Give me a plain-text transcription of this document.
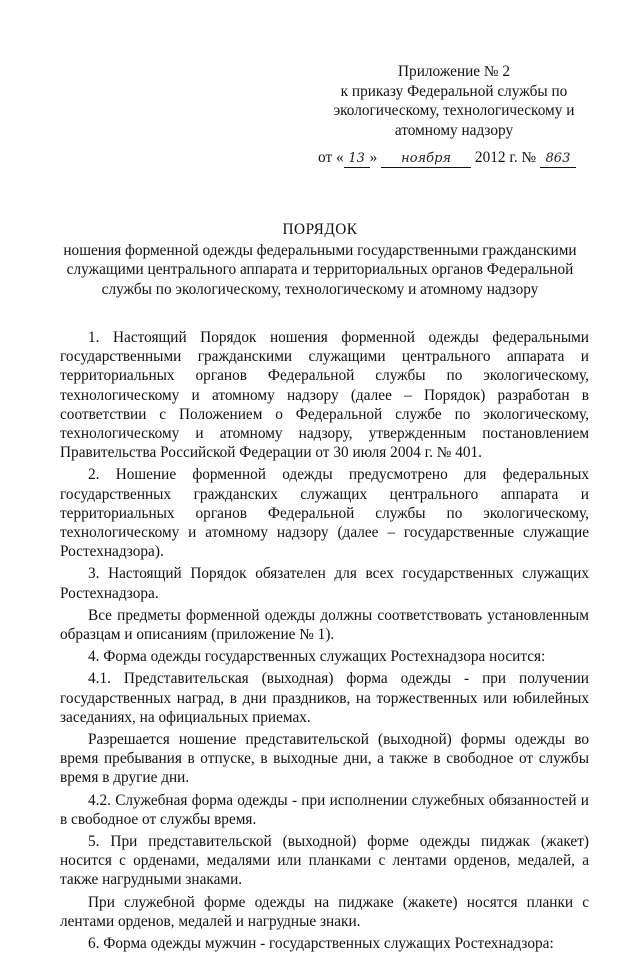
Приложение № 2
к приказу Федеральной службы по
экологическому, технологическому и
атомному надзору
от « 13 » ноября 2012 г. № 863
ПОРЯДОК
ношения форменной одежды федеральными государственными гражданскими
служащими центрального аппарата и территориальных органов Федеральной
службы по экологическому, технологическому и атомному надзору

1. Настоящий Порядок ношения форменной одежды федеральными государственными гражданскими служащими центрального аппарата и территориальных органов Федеральной службы по экологическому, технологическому и атомному надзору (далее – Порядок) разработан в соответствии с Положением о Федеральной службе по экологическому, технологическому и атомному надзору, утвержденным постановлением Правительства Российской Федерации от 30 июля 2004 г. № 401.

2. Ношение форменной одежды предусмотрено для федеральных государственных гражданских служащих центрального аппарата и территориальных органов Федеральной службы по экологическому, технологическому и атомному надзору (далее – государственные служащие Ростехнадзора).

3. Настоящий Порядок обязателен для всех государственных служащих Ростехнадзора.

Все предметы форменной одежды должны соответствовать установленным образцам и описаниям (приложение № 1).

4. Форма одежды государственных служащих Ростехнадзора носится:

4.1. Представительская (выходная) форма одежды - при получении государственных наград, в дни праздников, на торжественных или юбилейных заседаниях, на официальных приемах.

Разрешается ношение представительской (выходной) формы одежды во время пребывания в отпуске, в выходные дни, а также в свободное от службы время в другие дни.

4.2. Служебная форма одежды - при исполнении служебных обязанностей и в свободное от службы время.

5. При представительской (выходной) форме одежды пиджак (жакет) носится с орденами, медалями или планками с лентами орденов, медалей, а также нагрудными знаками.

При служебной форме одежды на пиджаке (жакете) носятся планки с лентами орденов, медалей и нагрудные знаки.

6. Форма одежды мужчин - государственных служащих Ростехнадзора:
